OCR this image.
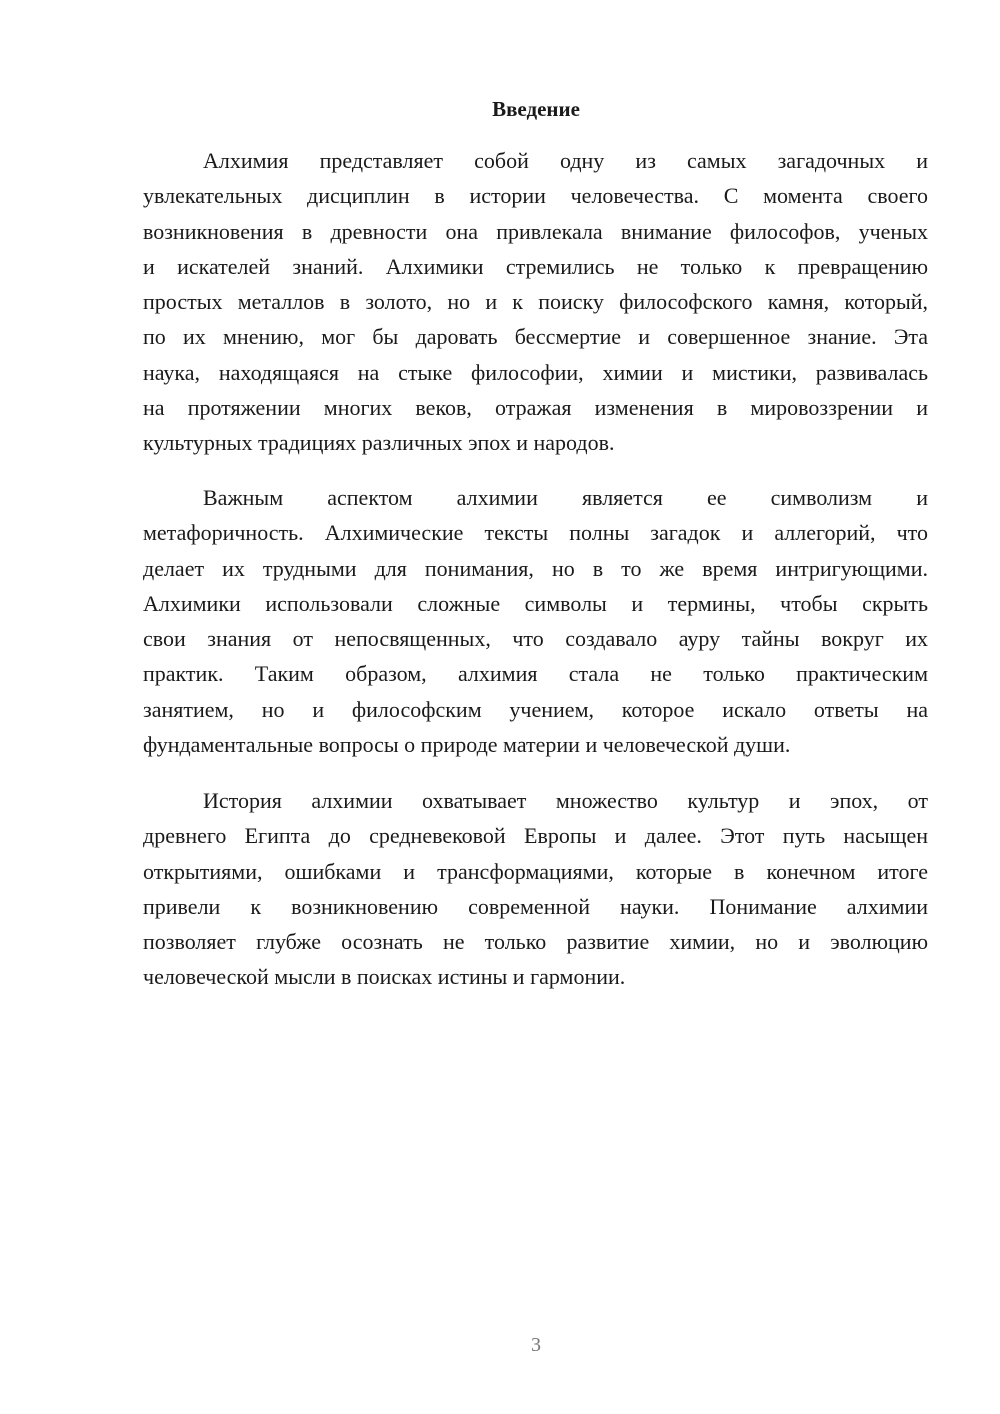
Введение
Алхимия представляет собой одну из самых загадочных и
увлекательных дисциплин в истории человечества. С момента своего
возникновения в древности она привлекала внимание философов, ученых
и искателей знаний. Алхимики стремились не только к превращению
простых металлов в золото, но и к поиску философского камня, который,
по их мнению, мог бы даровать бессмертие и совершенное знание. Эта
наука, находящаяся на стыке философии, химии и мистики, развивалась
на протяжении многих веков, отражая изменения в мировоззрении и
культурных традициях различных эпох и народов.
Важным аспектом алхимии является ее символизм и
метафоричность. Алхимические тексты полны загадок и аллегорий, что
делает их трудными для понимания, но в то же время интригующими.
Алхимики использовали сложные символы и термины, чтобы скрыть
свои знания от непосвященных, что создавало ауру тайны вокруг их
практик. Таким образом, алхимия стала не только практическим
занятием, но и философским учением, которое искало ответы на
фундаментальные вопросы о природе материи и человеческой души.
История алхимии охватывает множество культур и эпох, от
древнего Египта до средневековой Европы и далее. Этот путь насыщен
открытиями, ошибками и трансформациями, которые в конечном итоге
привели к возникновению современной науки. Понимание алхимии
позволяет глубже осознать не только развитие химии, но и эволюцию
человеческой мысли в поисках истины и гармонии.
3
